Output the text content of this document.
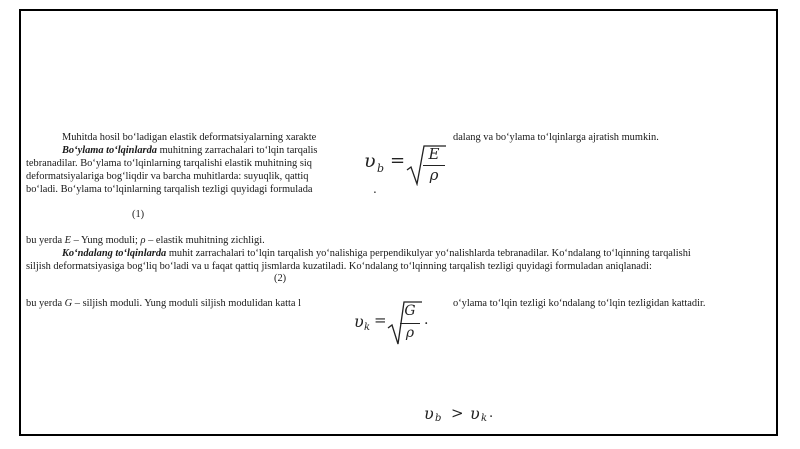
Muhitda hosil bo‘ladigan elastik deformatsiyalarning xarakte	dalang va bo‘ylama to‘lqinlarga ajratish mumkin.
Bo‘ylama to‘lqinlarda muhitning zarrachalari to‘lqin tarqalis
tebranadilar. Bo‘ylama to‘lqinlarning tarqalishi elastik muhitning siq
deformatsiyalariga bog‘liqdir va barcha muhitlarda: suyuqlik, qattiq
bo‘ladi. Bo‘ylama to‘lqinlarning tarqalish tezligi quyidagi formulada
(1)
υ b =	E
ρ
.
bu yerda E – Yung moduli; ρ – elastik muhitning zichligi.
Ko‘ndalang to‘lqinlarda muhit zarrachalari to‘lqin tarqalish yo‘nalishiga perpendikulyar yo‘nalishlarda tebranadilar. Ko‘ndalang to‘lqinning tarqalishi
siljish deformatsiyasiga bog‘liq bo‘ladi va u faqat qattiq jismlarda kuzatiladi. Ko‘ndalang to‘lqinning tarqalish tezligi quyidagi formuladan aniqlanadi:
(2)
bu yerda G – siljish moduli. Yung moduli siljish modulidan katta l	o‘ylama to‘lqin tezligi ko‘ndalang to‘lqin tezligidan kattadir.
υ k = G
ρ
.
υ b > υ k .
